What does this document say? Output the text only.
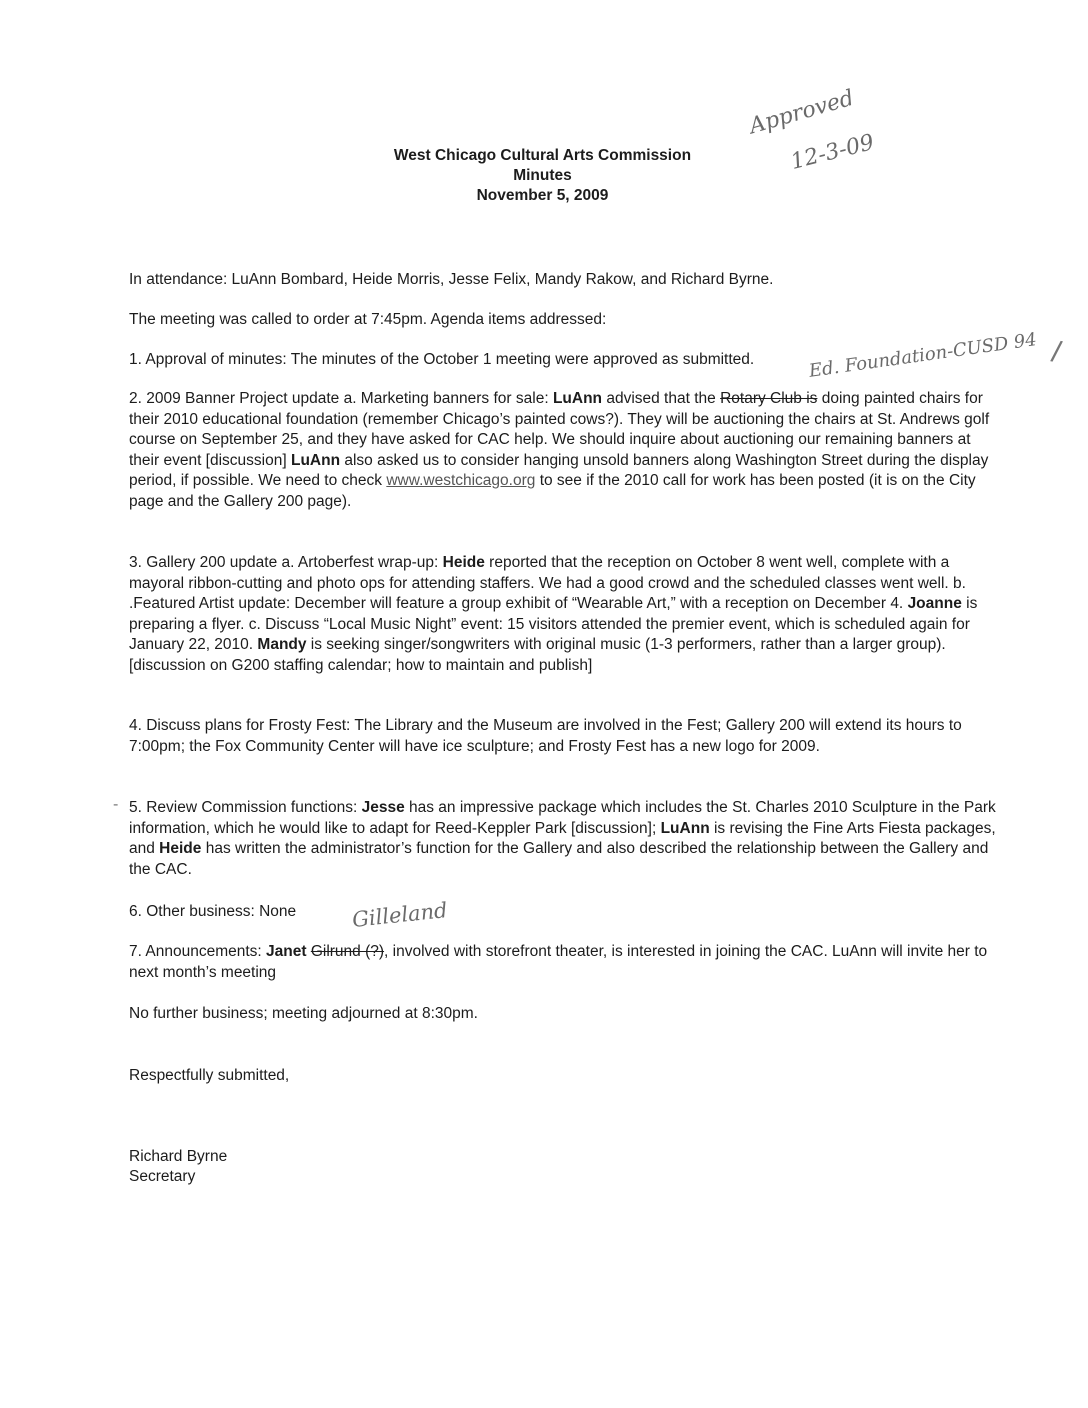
West Chicago Cultural Arts Commission
Minutes
November 5, 2009
Approved
12-3-09
In attendance: LuAnn Bombard, Heide Morris, Jesse Felix, Mandy Rakow, and Richard Byrne.
The meeting was called to order at 7:45pm. Agenda items addressed:
1. Approval of minutes: The minutes of the October 1 meeting were approved as submitted.	Ed. Foundation-CUSD 94 /
2. 2009 Banner Project update a. Marketing banners for sale: LuAnn advised that the Rotary Club is doing painted chairs for their 2010 educational foundation (remember Chicago’s painted cows?). They will be auctioning the chairs at St. Andrews golf course on September 25, and they have asked for CAC help. We should inquire about auctioning our remaining banners at their event [discussion] LuAnn also asked us to consider hanging unsold banners along Washington Street during the display period, if possible. We need to check www.westchicago.org to see if the 2010 call for work has been posted (it is on the City page and the Gallery 200 page).
3. Gallery 200 update a. Artoberfest wrap-up: Heide reported that the reception on October 8 went well, complete with a mayoral ribbon-cutting and photo ops for attending staffers. We had a good crowd and the scheduled classes went well. b. .Featured Artist update: December will feature a group exhibit of “Wearable Art,” with a reception on December 4. Joanne is preparing a flyer. c. Discuss “Local Music Night” event: 15 visitors attended the premier event, which is scheduled again for January 22, 2010. Mandy is seeking singer/songwriters with original music (1-3 performers, rather than a larger group). [discussion on G200 staffing calendar; how to maintain and publish]
4. Discuss plans for Frosty Fest: The Library and the Museum are involved in the Fest; Gallery 200 will extend its hours to 7:00pm; the Fox Community Center will have ice sculpture; and Frosty Fest has a new logo for 2009.
- 5. Review Commission functions: Jesse has an impressive package which includes the St. Charles 2010 Sculpture in the Park information, which he would like to adapt for Reed-Keppler Park [discussion]; LuAnn is revising the Fine Arts Fiesta packages, and Heide has written the administrator’s function for the Gallery and also described the relationship between the Gallery and the CAC.
6. Other business: None	Gilleland
7. Announcements: Janet Gilrund (?), involved with storefront theater, is interested in joining the CAC. LuAnn will invite her to next month’s meeting
No further business; meeting adjourned at 8:30pm.
Respectfully submitted,
Richard Byrne
Secretary
